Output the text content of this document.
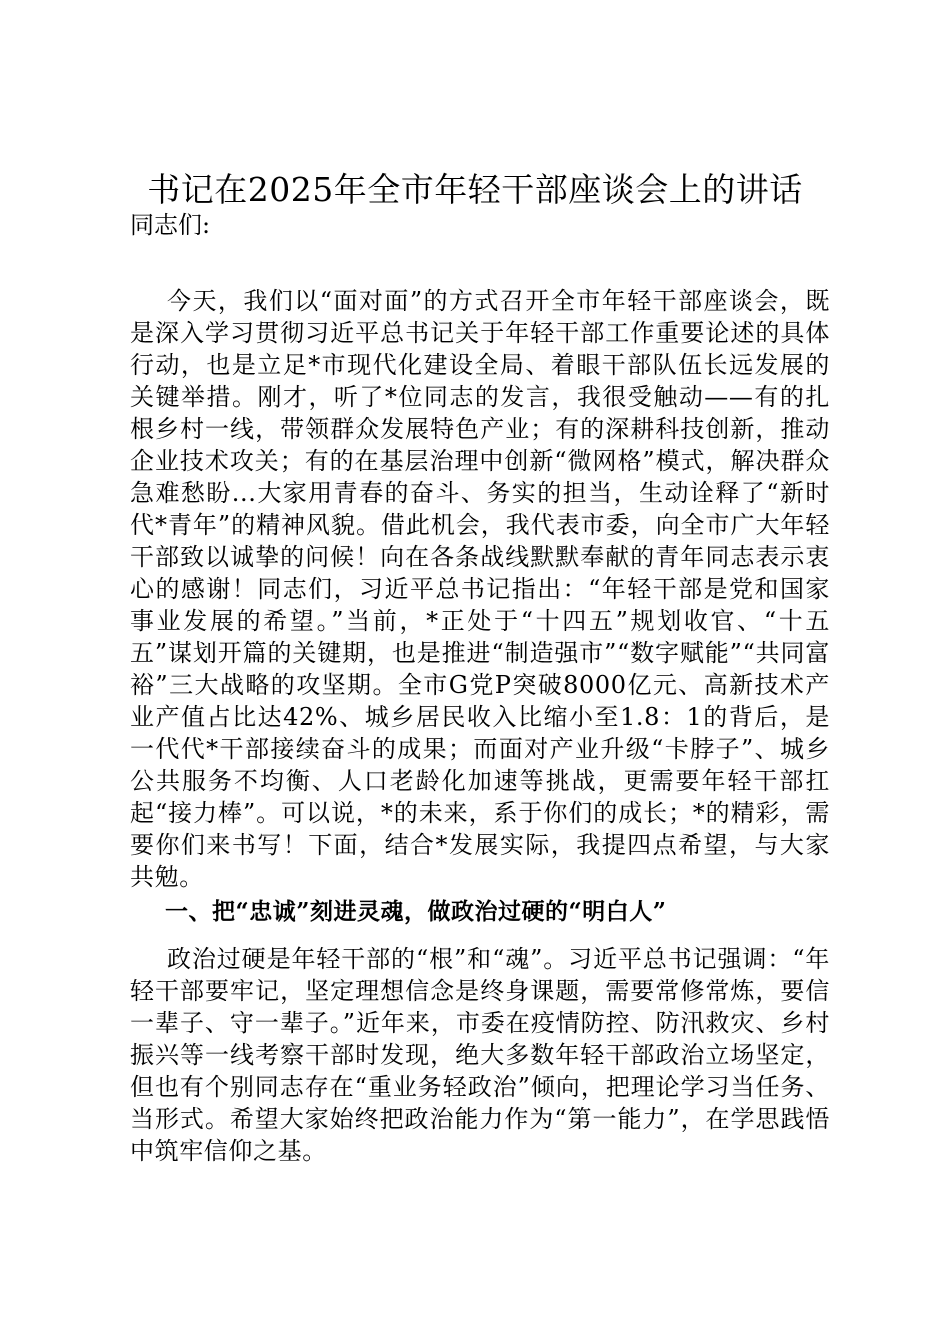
书记在2025年全市年轻干部座谈会上的讲话
同志们:

今天，我们以“面对面”的方式召开全市年轻干部座谈会，既是深入学习贯彻习近平总书记关于年轻干部工作重要论述的具体行动，也是立足*市现代化建设全局、着眼干部队伍长远发展的关键举措。刚才，听了*位同志的发言，我很受触动——有的扎根乡村一线，带领群众发展特色产业；有的深耕科技创新，推动企业技术攻关；有的在基层治理中创新“微网格”模式，解决群众急难愁盼...大家用青春的奋斗、务实的担当，生动诠释了“新时代*青年”的精神风貌。借此机会，我代表市委，向全市广大年轻干部致以诚挚的问候！向在各条战线默默奉献的青年同志表示衷心的感谢！同志们，习近平总书记指出：“年轻干部是党和国家事业发展的希望。”当前，*正处于“十四五”规划收官、“十五五”谋划开篇的关键期，也是推进“制造强市”“数字赋能”“共同富裕”三大战略的攻坚期。全市G党P突破8000亿元、高新技术产业产值占比达42%、城乡居民收入比缩小至1.8：1的背后，是一代代*干部接续奋斗的成果；而面对产业升级“卡脖子”、城乡公共服务不均衡、人口老龄化加速等挑战，更需要年轻干部扛起“接力棒”。可以说，*的未来，系于你们的成长；*的精彩，需要你们来书写！下面，结合*发展实际，我提四点希望，与大家共勉。

一、把“忠诚”刻进灵魂，做政治过硬的“明白人”

政治过硬是年轻干部的“根”和“魂”。习近平总书记强调：“年轻干部要牢记，坚定理想信念是终身课题，需要常修常炼，要信一辈子、守一辈子。”近年来，市委在疫情防控、防汛救灾、乡村振兴等一线考察干部时发现，绝大多数年轻干部政治立场坚定，但也有个别同志存在“重业务轻政治”倾向，把理论学习当任务、当形式。希望大家始终把政治能力作为“第一能力”，在学思践悟中筑牢信仰之基。
